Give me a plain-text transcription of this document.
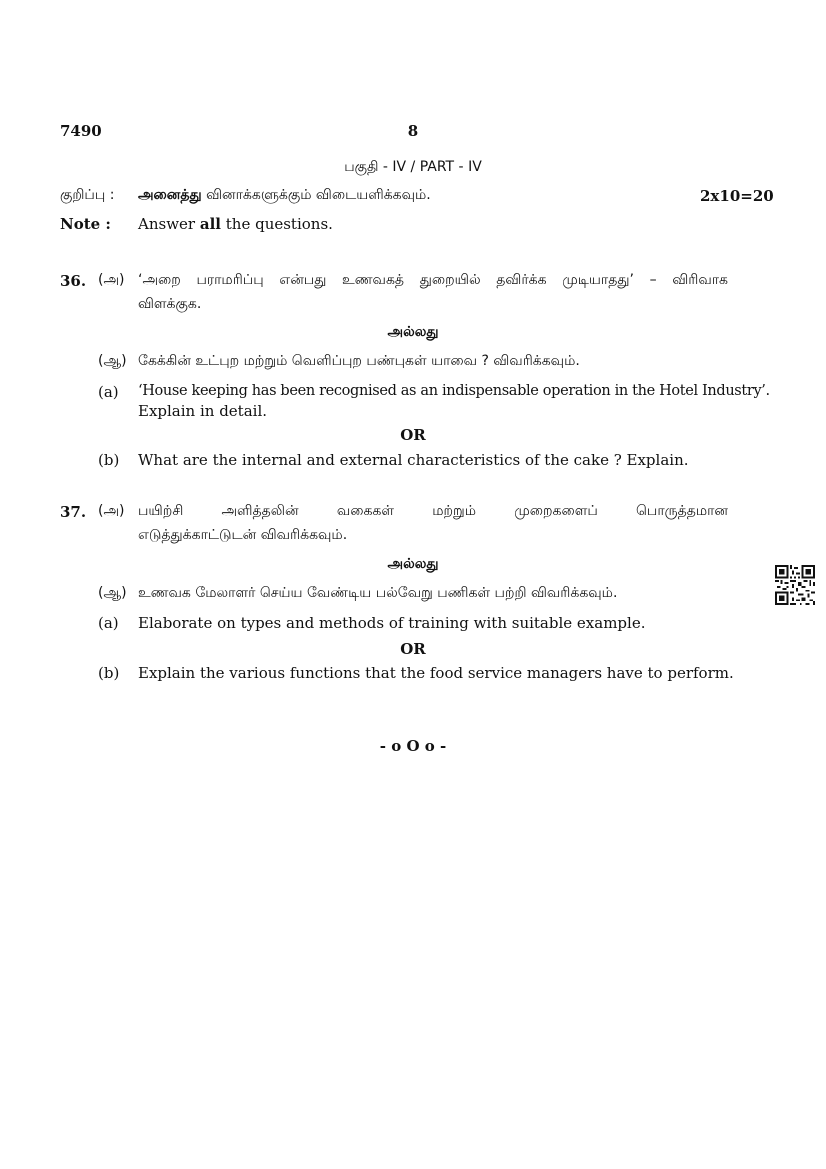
7490	8
பகுதி - IV / PART - IV
குறிப்பு : அனைத்து வினாக்களுக்கும் விடையளிக்கவும்.	2x10=20
Note : Answer all the questions.
36. (அ) ‘அறை பராமரிப்பு என்பது உணவகத் துறையில் தவிர்க்க முடியாதது’ – விரிவாக
விளக்குக.
அல்லது
(ஆ) கேக்கின் உட்புற மற்றும் வெளிப்புற பண்புகள் யாவை ? விவரிக்கவும்.
(a) ‘House keeping has been recognised as an indispensable operation in the Hotel Industry’.
Explain in detail.
OR
(b) What are the internal and external characteristics of the cake ? Explain.
37. (அ) பயிற்சி அளித்தலின் வகைகள் மற்றும் முறைகளைப் பொருத்தமான
எடுத்துக்காட்டுடன் விவரிக்கவும்.
அல்லது
(ஆ) உணவக மேலாளர் செய்ய வேண்டிய பல்வேறு பணிகள் பற்றி விவரிக்கவும்.
(a) Elaborate on types and methods of training with suitable example.
OR
(b) Explain the various functions that the food service managers have to perform.
- o O o -
